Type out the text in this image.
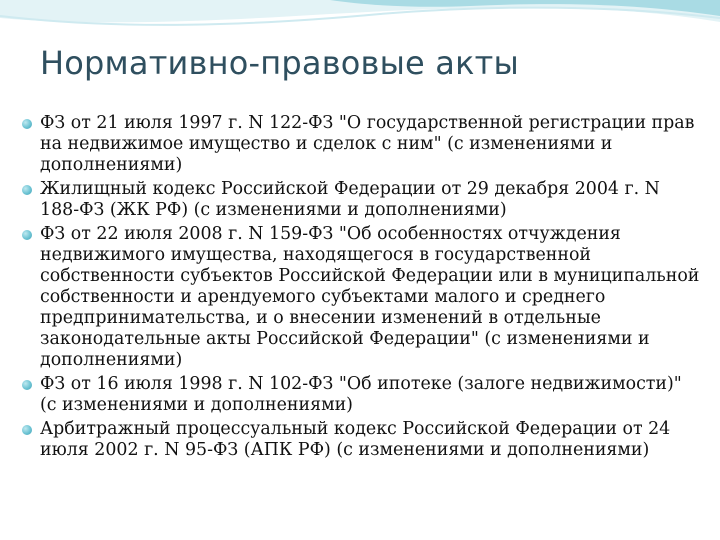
Нормативно-правовые акты
ФЗ от 21 июля 1997 г. N 122-ФЗ "О государственной регистрации прав на недвижимое имущество и сделок с ним" (с изменениями и дополнениями)
Жилищный кодекс Российской Федерации от 29 декабря 2004 г. N 188-ФЗ (ЖК РФ) (с изменениями и дополнениями)
ФЗ от 22 июля 2008 г. N 159-ФЗ "Об особенностях отчуждения недвижимого имущества, находящегося в государственной собственности субъектов Российской Федерации или в муниципальной собственности и арендуемого субъектами малого и среднего предпринимательства, и о внесении изменений в отдельные законодательные акты Российской Федерации" (с изменениями и дополнениями)
ФЗ от 16 июля 1998 г. N 102-ФЗ "Об ипотеке (залоге недвижимости)" (с изменениями и дополнениями)
Арбитражный процессуальный кодекс Российской Федерации от 24 июля 2002 г. N 95-ФЗ (АПК РФ) (с изменениями и дополнениями)
